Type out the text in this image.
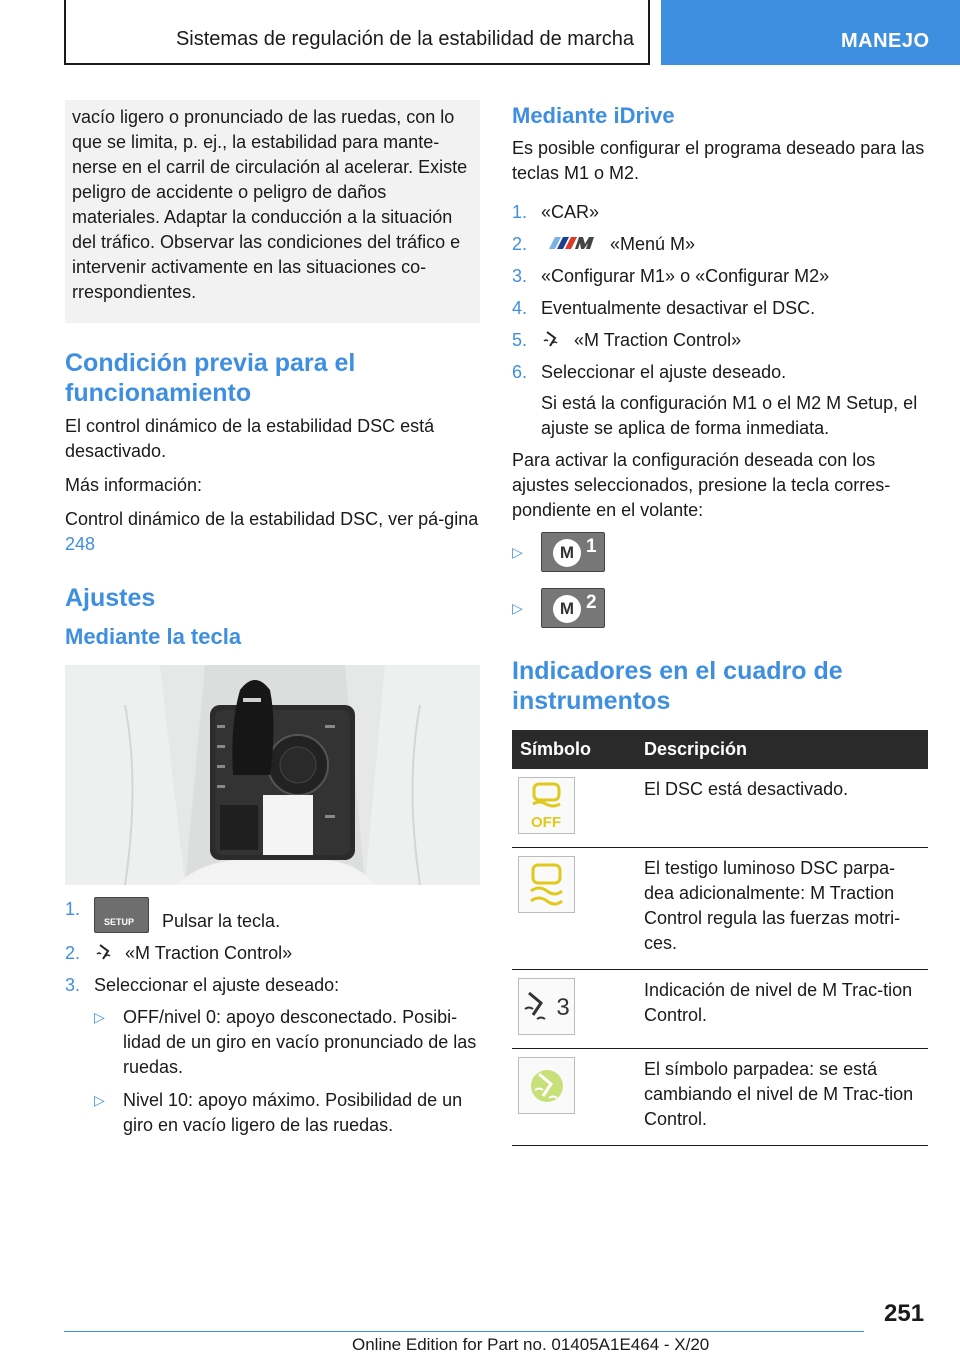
Sistemas de regulación de la estabilidad de marcha	MANEJO
vacío ligero o pronunciado de las ruedas, con lo que se limita, p. ej., la estabilidad para mante‐nerse en el carril de circulación al acelerar. Existe peligro de accidente o peligro de daños materiales. Adaptar la conducción a la situación del tráfico. Observar las condiciones del tráfico e intervenir activamente en las situaciones co‐rrespondientes.
Condición previa para el funcionamiento

El control dinámico de la estabilidad DSC está desactivado.

Más información:

Control dinámico de la estabilidad DSC, ver pá‐gina 248

Ajustes
Mediante la tecla
1.
SETUP Pulsar la tecla.
2.	«M Traction Control»
3. Seleccionar el ajuste deseado:
▷ OFF/nivel 0: apoyo desconectado. Posibi‐lidad de un giro en vacío pronunciado de las ruedas.
▷ Nivel 10: apoyo máximo. Posibilidad de un giro en vacío ligero de las ruedas.
Mediante iDrive

Es posible configurar el programa deseado para las teclas M1 o M2.

1. «CAR»
2.	«Menú M»
3. «Configurar M1» o «Configurar M2»
4. Eventualmente desactivar el DSC.
5.	«M Traction Control»
6. Seleccionar el ajuste deseado.
Si está la configuración M1 o el M2 M Setup, el ajuste se aplica de forma inmediata.

Para activar la configuración deseada con los ajustes seleccionados, presione la tecla corres‐pondiente en el volante:

▷	M 1
▷	M 2
Indicadores en el cuadro de instrumentos
Símbolo	Descripción

OFF	El DSC está desactivado.

	El testigo luminoso DSC parpa‐dea adicionalmente: M Traction Control regula las fuerzas motri‐ces.

3	Indicación de nivel de M Trac‐tion Control.

	El símbolo parpadea: se está cambiando el nivel de M Trac‐tion Control.
251
Online Edition for Part no. 01405A1E464 - X/20
